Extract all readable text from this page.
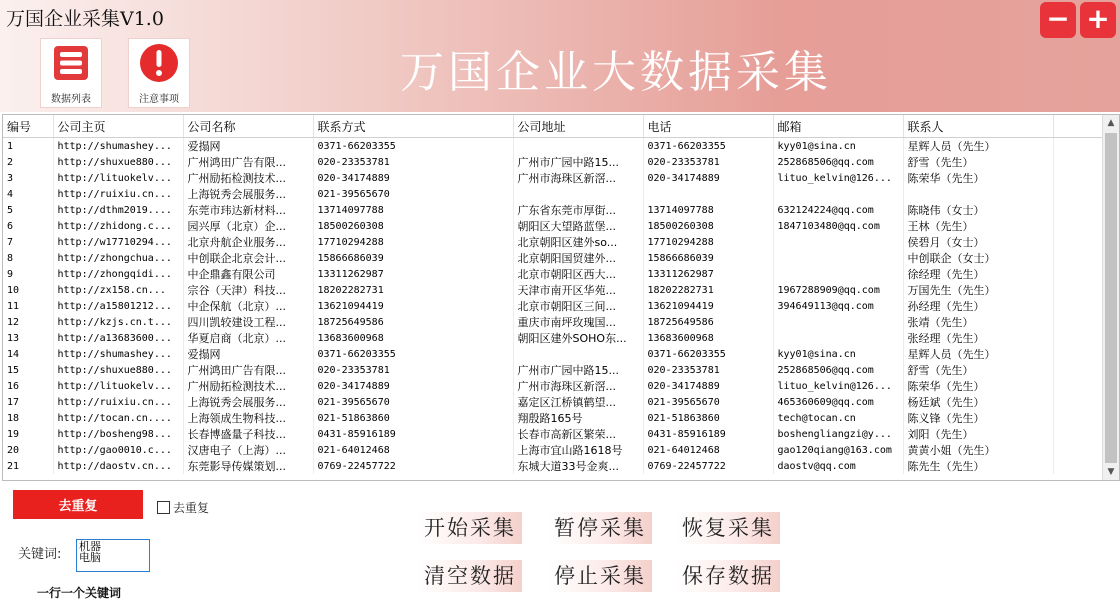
万国企业采集V1.0
万国企业大数据采集
− +
数据列表	注意事项
编号	公司主页	公司名称	联系方式	公司地址	电话	邮箱	联系人	
1	http://shumashey...	爱搨网	0371-66203355		0371-66203355	kyy01@sina.cn	星辉人员（先生）	
2	http://shuxue880...	广州鸿田广告有限...	020-23353781	广州市广园中路15...	020-23353781	252868506@qq.com	舒雪（先生）	
3	http://lituokelv...	广州励拓检测技术...	020-34174889	广州市海珠区新滘...	020-34174889	lituo_kelvin@126...	陈荣华（先生）	
4	http://ruixiu.cn...	上海锐秀会展服务...	021-39565670					
5	http://dthm2019....	东莞市玮达新材料...	13714097788	广东省东莞市厚街...	13714097788	632124224@qq.com	陈晓伟（女士）	
6	http://zhidong.c...	园兴厚（北京）企...	18500260308	朝阳区大望路蓝堡...	18500260308	1847103480@qq.com	王林（先生）	
7	http://w17710294...	北京舟航企业服务...	17710294288	北京朝阳区建外so...	17710294288		侯碧月（女士）	
8	http://zhongchua...	中创联企北京会计...	15866686039	北京朝阳国贸建外...	15866686039		中创联企（女士）	
9	http://zhongqidi...	中企鼎鑫有限公司	13311262987	北京市朝阳区西大...	13311262987		徐经理（先生）	
10	http://zx158.cn...	宗谷（天津）科技...	18202282731	天津市南开区华苑...	18202282731	1967288909@qq.com	万国先生（先生）	
11	http://a15801212...	中企保航（北京）...	13621094419	北京市朝阳区三间...	13621094419	394649113@qq.com	孙经理（先生）	
12	http://kzjs.cn.t...	四川凯较建设工程...	18725649586	重庆市南坪玫瑰国...	18725649586		张靖（先生）	
13	http://a13683600...	华夏启商（北京）...	13683600968	朝阳区建外SOHO东...	13683600968		张经理（先生）	
14	http://shumashey...	爱搨网	0371-66203355		0371-66203355	kyy01@sina.cn	星辉人员（先生）	
15	http://shuxue880...	广州鸿田广告有限...	020-23353781	广州市广园中路15...	020-23353781	252868506@qq.com	舒雪（先生）	
16	http://lituokelv...	广州励拓检测技术...	020-34174889	广州市海珠区新滘...	020-34174889	lituo_kelvin@126...	陈荣华（先生）	
17	http://ruixiu.cn...	上海锐秀会展服务...	021-39565670	嘉定区江桥镇鹤望...	021-39565670	465360609@qq.com	杨廷斌（先生）	
18	http://tocan.cn....	上海领成生物科技...	021-51863860	翔殷路165号	021-51863860	tech@tocan.cn	陈义锋（先生）	
19	http://bosheng98...	长春博盛量子科技...	0431-85916189	长春市高新区繁荣...	0431-85916189	boshengliangzi@y...	刘阳（先生）	
20	http://gao0010.c...	汉唐电子（上海）...	021-64012468	上海市宜山路1618号	021-64012468	gao120qiang@163.com	黄黄小姐（先生）	
21	http://daostv.cn...	东莞影导传媒策划...	0769-22457722	东城大道33号金爽...	0769-22457722	daostv@qq.com	陈先生（先生）	
▲
▼
去重复	去重复
关键词:
机器
电脑
一行一个关键词
开始采集 暂停采集 恢复采集
清空数据 停止采集 保存数据
